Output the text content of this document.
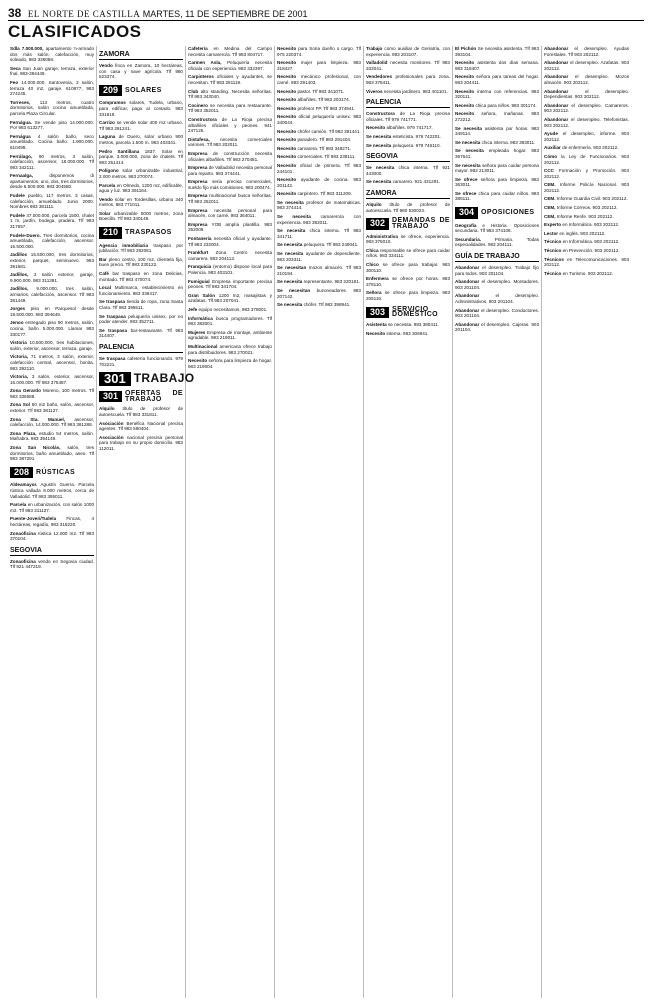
38 EL NORTE DE CASTILLA MARTES, 11 DE SEPTIEMBRE DE 2001
CLASIFICADOS
Sdla 7.000.000, apartamento 'n-armado dos más salón, calefacción, muy soleado, 983 336058.
Seca San Juan garaje, terraza, exterior fnal. 983-394449.
Feo 14.000.000. Santovenia, 3 salón, terraza 40 m2, garaje. 610877, 983 274245.
Torreses, 113 metros, cuatro dormitorios, salón cocina amueblada, parcela Plaza Circular.
Fernágua. Se vende piso 14.000.000. Por 983 613277.
Fernágua 4 salón baño, seco amueblado. Cocina baño. 1.900.000. 610499.
Ferrálago, 90 metros, 3 salón, calefacción, ascensor, 18.000.000. Tlf 983 342111.
Fernaalga,	disponemos di apartamentos, uno, dos, tres dormitorios, desde 6.500.000. 983 304580.
Fudele pueblo, 117 metros. 3 casas, calefacción, amueblado. Junio 2000. Nombres 983 381111.
Fudele 47.000.000, parcela 1500, chalet 1 m, jardín, bodega, pradera. Tlf 983 317557.
Fudele-Duero. Tres dormitorios, cocina amueblada, calefacción, ascensor. 16.500.000.
Jadillos 15.500.000, tres dormitorios, exterior, parquet, seminuevo. 983 391681.
Jadillos, 3 salón exterior, garaje, 9.900.000. 983 311391.
Jadillos, 9.000.000, tres salón, armarios, calefacción, ascensor. Tlf 983 361449.
Jorges piso en Parquesol desde 18.500.000. 983 394649.
Jenoo entregado piso 90 metros, salón, cocina, baño 5.000.000. Llamar 983 330177.
Vistoria 10.500.000, tres habitaciones, salón, exterior, ascensor, terraza, garaje.
Victoria, 71 metros, 3 salón, exterior, calefacción central, ascensor, bonita. 983 392110.
Victoria, 3 salón, exterior, ascensor, 16.000.000. Tlf 983 375487.
Zona Gerardo Moreno, 100 metros. Tlf 983 335588.
Zona Sol 60 m2 baño, salón, ascensor, exterior. Tlf 983 381127.
Zona Sta. Manuel, ascensor, calefacción, 14.000.000. Tlf 983 361288.
Zona Plaza, estudio 54 metros, salón. Mafrabra. 983 394149.
Zona San Nicolás, salón, tres dormitorios, baño amueblado, aseo. Tlf 983 387291.
208	RÚSTICAS
Aldeamayor. Agustín Guerra. Parcela rústica vallada 8.000 metros, cerca de Valladolid. Tlf 983 395011.
Parcela en urbanización, con salón 1000 m2. Tlf 983 311127.
Puente-Joveri/Tudela Fincas, 4 hectáreas, regadío, 983 318220.
Zonaoficina rústica 12.000 m2. Tlf 983 370104.
SEGOVIA
Zonaoficina vendo en Segovia ciudad. Tlf 921 447219.
ZAMORA
Vendo finca en Zamora, 10 hectáreas, con casa y nave agrícola. Tlf 980 523374.
209	SOLARES
Compramos solares, Tudela, urbano, para edificar, pago al contado. 983 331919.
Carrizo se vende solar 400 m2 urbano. Tlf 983 291241.
Laguna de Duero, solar urbano 900 metros, parcela 1.500 m. 983 403341.
Pedro Santillana 1837. Solar en parque, 3.000.000, zona de chalets. Tlf 983 251414.
Polígono solar urbanizable industrial, 2.000 metros. 983 270074.
Parcela en Olmedo, 1200 m2, edificable, agua y luz. 983 391164.
Vendo solar en Tordesillas, urbano 340 metros. 983 771011.
Solar urbanizable 5000 metros, zona Boecillo. Tlf 983 340149.
210	TRASPASOS
Agencia inmobiliaria traspaso por jubilación. Tlf 983 292081.
Bar pleno centro, 100 m2, clientela fija, buen precio. Tlf 983 230122.
Café bar traspaso en zona Delicias, montado. Tlf 983 470074.
Local Multimarca, establecimiento en funcionamiento. 983 336417.
Se traspasa tienda de ropa, zona Santa Clara. Tlf 983 395511.
Se traspasa peluquería unisex, por no poder atender. 983 352711.
Se traspasa bar-restaurante. Tlf 983 314407.
PALENCIA
Se traspasa cafetería funcionando. 979 702221.
301 TRABAJO
301	OFERTAS DE TRABAJO
Alquilo título de profesor de autoescuela. Tlf 983 331811.
Asociación Benéfica Nacional precisa agentes. Tlf 983 590404.
Asociación nacional precisa personal para trabajo en su propio domicilio. 983 112011.
Cafetería en Medina del Campo necesita camarero/a. Tlf 983 804717.
Carmen Asla, Peluquería necesita oficiala con experiencia. 983 332397.
Carpinteros oficiales y ayudantes, se necesitan. Tlf 983 281119.
Club alto standing. Necesita señoritas. Tlf 983 343040.
Cocinero se necesita para restaurante. Tlf 983 352011.
Constructora de La Rioja precisa albañiles oficiales y peones. 941 247125.
Distafesa, necesita comerciales varones. Tlf 983 202011.
Empresa de construcción necesita oficiales albañiles. Tlf 983 270481.
Empresa de Valladolid necesita personal para reparto. 983 374441.
Empresa seria precisa comerciales, sueldo fijo más comisiones. 983 200474.
Empresa multinacional busca señoritas. Tlf 983 252011.
Empresa necesita personal para almacén, con carné. 983 364011.
Empresa YOB amplía plantilla. 983 252009.
Fontanería necesita oficial y ayudante. Tlf 983 232004.
Frankfurt Zona Centro necesita camarera. 983 204113.
Franquicia (entorno) dispone local para Palencia. 983 403101.
Fumiguial Empresa importante precisa peones. Tlf 983 341704.
Gran Salón 1200 m2, masajistas y azafatas. Tlf 983 207041.
Jefe equipo necesitamos, 983 378001.
Informática busca programadores. Tlf 983 383001.
Mujeres Empresa de montaje, ambiente agradable. 983 219011.
Multinacional americana ofrece trabajo para distribuidores. 983 270021.
Necesito señora para limpieza de hogar. 983 219004.
Necesito para Soria dueño o cargo. Tlf 975 220374.
Necesito mujer para limpieza. 983 318427.
Necesito mecánico profesional, con carné. 983 291403.
Necesito pastor. Tlf 983 341071.
Necesito albañiles. Tlf 983 203174.
Necesito profesor FP. Tlf 983 374941.
Necesito oficial peluquería unisex. 983 340044.
Necesito chófer camión. Tlf 983 391441.
Necesito panadero. Tlf 983 291404.
Necesito camarera. Tlf 983 348271.
Necesito comerciales. Tlf 983 238111.
Necesito oficial de primera. Tlf 983 244101.
Necesito ayudante de cocina. 983 201142.
Necesito carpintero. Tlf 983 311209.
Se necesita profesor de matemáticas. 983 374414.
Se necesita camarero/a con experiencia. 983 392011.
Se necesita chica interna. Tlf 983 341711.
Se necesita peluquera. Tlf 983 249041.
Se necesita ayudante de dependiente. 983 203311.
Se necesitan mozos almacén. Tlf 983 210194.
Se necesita representante. 983 220191.
Se necesitan buzoneadores. 983 207142.
Se necesita chófer. Tlf 983 398941.
Trabajo como auxiliar de Geriatría, con experiencia. 983 203107.
Valladolid necesita monitores. Tlf 983 332041.
Vendedores profesionales para zona. 983 378411.
Viveros necesita jardinero. 983 401101.
PALENCIA
Constructora de La Rioja precisa oficiales. Tlf 979 741771.
Necesito albañiles. 979 741717.
Se necesita esteticista. 979 742201.
Se necesita peluquera. 979 746110.
SEGOVIA
Se necesita chica interna. Tlf 921 443000.
Se necesita camarero. 921 431291.
ZAMORA
Alquilo título de profesor de autoescuela. Tlf 980 530023.
302	DEMANDAS DE TRABAJO
Administrativa se ofrece, experiencia. 983 375010.
Chica responsable se ofrece para cuidar niños. 983 334111.
Chico se ofrece para trabajar. 983 300110.
Enfermera se ofrece por horas. 983 378110.
Señora se ofrece para limpieza. 983 205116.
303	SERVICIO DOMÉSTICO
Asistenta se necesita. 983 380411.
Necesito interna. 983 306941.
El Pichón Se necesita asistenta. Tlf 983 393104.
Necesito asistenta dos días semana. 983 318407.
Necesito señora para tareas del hogar. 983 204411.
Necesito interna con referencias. 983 320111.
Necesito chica para niños. 983 301174.
Necesito señora, mañanas. 983 272212.
Se necesita asistenta por horas. 983 349114.
Se necesita chica interna. 983 393011.
Se necesita empleada hogar. 983 367641.
Se necesita señora para cuidar persona mayor. 983 213011.
Se ofrece señora para limpieza. 983 363011.
Se ofrece chica para cuidar niños. 983 385111.
304	OPOSICIONES
Geografía e Historia. Oposiciones secundaria. Tlf 983 374108.
Secundaria.	Primaria. Todas especialidades. 983 204111.
GUÍA DE TRABAJO
Abandonar el desempleo. Trabajo fijo para todos. 903 201104.
Abandonar el desempleo. Montadores. 903 201104.
Abandonar	el desempleo. Administrativos. 903 201104.
Abandonar el desempleo. Conductores. 903 201104.
Abandonar el desempleo. Cajeras. 903 201104.
Abandonar el desempleo. Ayudas Forestales. Tlf 903 202112.
Abandonar el desempleo. Azafatas. 903 202112.
Abandonar el desempleo. Mozos almacén. 903 202112.
Abandonar	el desempleo. Dependientas. 903 202112.
Abandonar el desempleo. Camareros. 903 202112.
Abandonar el desempleo. Telefonistas. 903 202112.
Ayude el desempleo, informe. 903 202112.
Auxiliar de enfermería. 903 202112.
Cómo la Ley de Funcionarios. 903 202112.
CCC Formación y Promoción. 903 202112.
CEM. Informe Policía Nacional. 903 202112.
CEM. Informe Guardia Civil. 903 202112.
CEM, Informe Correos. 903 202112.
CEM, Informe Renfe. 903 202112.
Experto en Informática. 903 202112.
Lector en inglés. 903 202112.
Técnico en Informática. 903 202112.
Técnico en Prevención. 903 202112.
Técnicos en Telecomunicaciones. 903 202112.
Técnico en Turismo. 903 202112.
